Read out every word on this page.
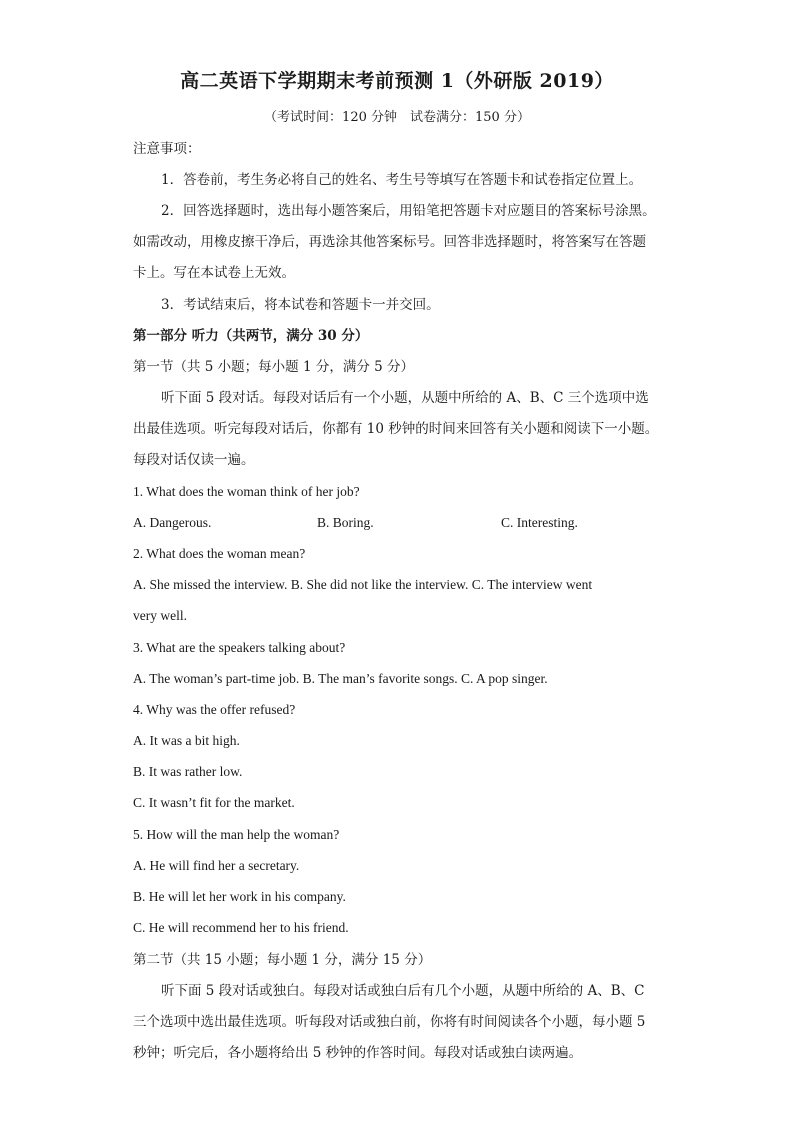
高二英语下学期期末考前预测 1（外研版 2019）
（考试时间：120 分钟　试卷满分：150 分）
注意事项：
1．答卷前，考生务必将自己的姓名、考生号等填写在答题卡和试卷指定位置上。
2．回答选择题时，选出每小题答案后，用铅笔把答题卡对应题目的答案标号涂黑。
如需改动，用橡皮擦干净后，再选涂其他答案标号。回答非选择题时，将答案写在答题
卡上。写在本试卷上无效。
3．考试结束后，将本试卷和答题卡一并交回。
第一部分 听力（共两节，满分 30 分）
第一节（共 5 小题；每小题 1 分，满分 5 分）
听下面 5 段对话。每段对话后有一个小题，从题中所给的 A、B、C 三个选项中选
出最佳选项。听完每段对话后，你都有 10 秒钟的时间来回答有关小题和阅读下一小题。
每段对话仅读一遍。
1. What does the woman think of her job?
A. Dangerous.	B. Boring.	C. Interesting.
2. What does the woman mean?
A. She missed the interview. B. She did not like the interview. C. The interview went
very well.
3. What are the speakers talking about?
A. The woman’s part-time job. B. The man’s favorite songs. C. A pop singer.
4. Why was the offer refused?
A. It was a bit high.
B. It was rather low.
C. It wasn’t fit for the market.
5. How will the man help the woman?
A. He will find her a secretary.
B. He will let her work in his company.
C. He will recommend her to his friend.
第二节（共 15 小题；每小题 1 分，满分 15 分）
听下面 5 段对话或独白。每段对话或独白后有几个小题，从题中所给的 A、B、C
三个选项中选出最佳选项。听每段对话或独白前，你将有时间阅读各个小题，每小题 5
秒钟；听完后，各小题将给出 5 秒钟的作答时间。每段对话或独白读两遍。
